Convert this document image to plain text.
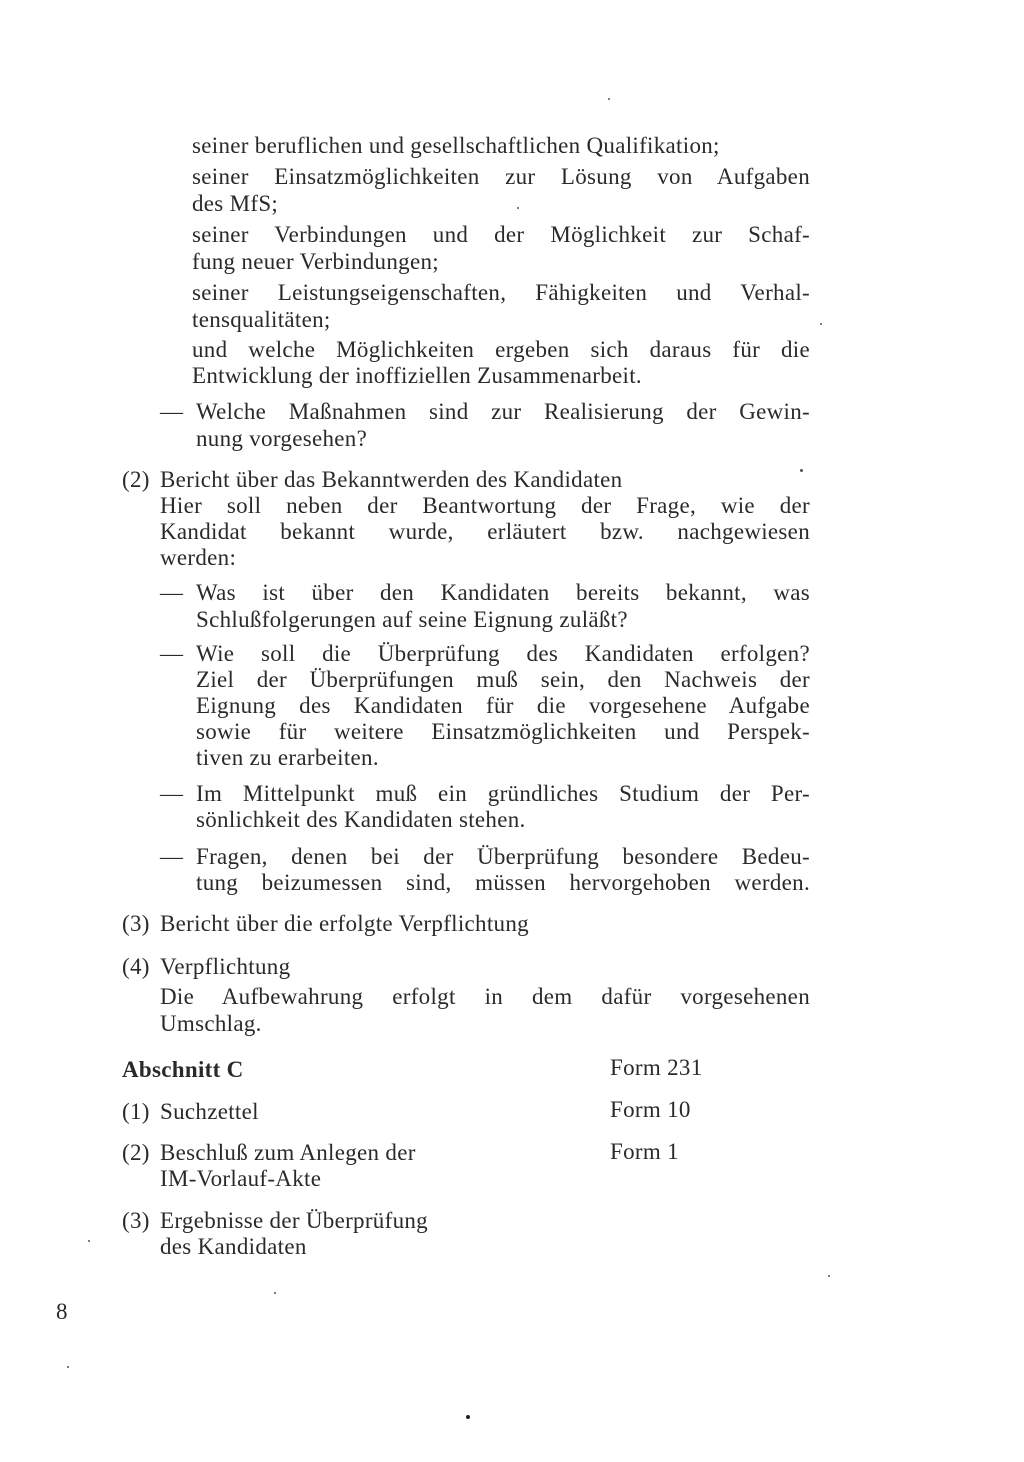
seiner beruflichen und gesellschaftlichen Qualifikation;
seiner Einsatzmöglichkeiten zur Lösung von Aufgaben
des MfS;
seiner Verbindungen und der Möglichkeit zur Schaf-
fung neuer Verbindungen;
seiner Leistungseigenschaften, Fähigkeiten und Verhal-
tensqualitäten;
und welche Möglichkeiten ergeben sich daraus für die
Entwicklung der inoffiziellen Zusammenarbeit.
— Welche Maßnahmen sind zur Realisierung der Gewin-
nung vorgesehen?
(2) Bericht über das Bekanntwerden des Kandidaten
Hier soll neben der Beantwortung der Frage, wie der
Kandidat bekannt wurde, erläutert bzw. nachgewiesen
werden:
— Was ist über den Kandidaten bereits bekannt, was
Schlußfolgerungen auf seine Eignung zuläßt?
— Wie soll die Überprüfung des Kandidaten erfolgen?
Ziel der Überprüfungen muß sein, den Nachweis der
Eignung des Kandidaten für die vorgesehene Aufgabe
sowie für weitere Einsatzmöglichkeiten und Perspek-
tiven zu erarbeiten.
— Im Mittelpunkt muß ein gründliches Studium der Per-
sönlichkeit des Kandidaten stehen.
— Fragen, denen bei der Überprüfung besondere Bedeu-
tung beizumessen sind, müssen hervorgehoben werden.
(3) Bericht über die erfolgte Verpflichtung
(4) Verpflichtung
Die Aufbewahrung erfolgt in dem dafür vorgesehenen
Umschlag.
Abschnitt C	Form 231
(1) Suchzettel	Form 10
(2) Beschluß zum Anlegen der
IM-Vorlauf-Akte
Form 1
(3) Ergebnisse der Überprüfung
des Kandidaten
8
